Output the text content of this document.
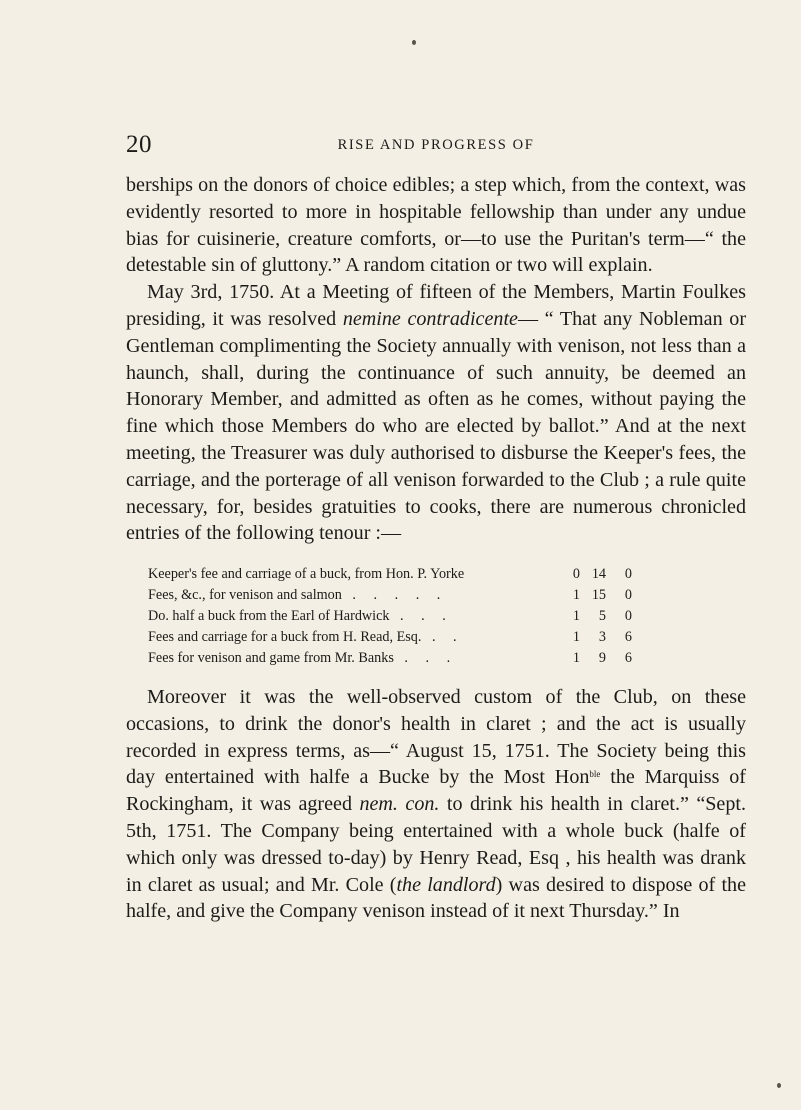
20	RISE AND PROGRESS OF

berships on the donors of choice edibles; a step which, from the context, was evidently resorted to more in hospitable fellowship than under any undue bias for cuisinerie, creature comforts, or—to use the Puritan's term—“ the detestable sin of gluttony.” A random citation or two will explain.

May 3rd, 1750. At a Meeting of fifteen of the Members, Martin Foulkes presiding, it was resolved nemine contradicente— “ That any Nobleman or Gentleman complimenting the Society annually with venison, not less than a haunch, shall, during the continuance of such annuity, be deemed an Honorary Member, and admitted as often as he comes, without paying the fine which those Members do who are elected by ballot.” And at the next meeting, the Treasurer was duly authorised to disburse the Keeper's fees, the carriage, and the porterage of all venison forwarded to the Club ; a rule quite necessary, for, besides gratuities to cooks, there are numerous chronicled entries of the following tenour :—

Keeper's fee and carriage of a buck, from Hon. P. Yorke	0 14	0
Fees, &c., for venison and salmon . . . . .	1 15	0
Do. half a buck from the Earl of Hardwick . . .	1	5	0
Fees and carriage for a buck from H. Read, Esq. . .	1	3	6
Fees for venison and game from Mr. Banks . . .	1	9	6

Moreover it was the well-observed custom of the Club, on these occasions, to drink the donor's health in claret ; and the act is usually recorded in express terms, as—“ August 15, 1751. The Society being this day entertained with halfe a Bucke by the Most Hon$^{ble}$ the Marquiss of Rockingham, it was agreed nem. con. to drink his health in claret.” “Sept. 5th, 1751. The Company being entertained with a whole buck (halfe of which only was dressed to-day) by Henry Read, Esq , his health was drank in claret as usual; and Mr. Cole (the landlord) was desired to dispose of the halfe, and give the Company venison instead of it next Thursday.” In
